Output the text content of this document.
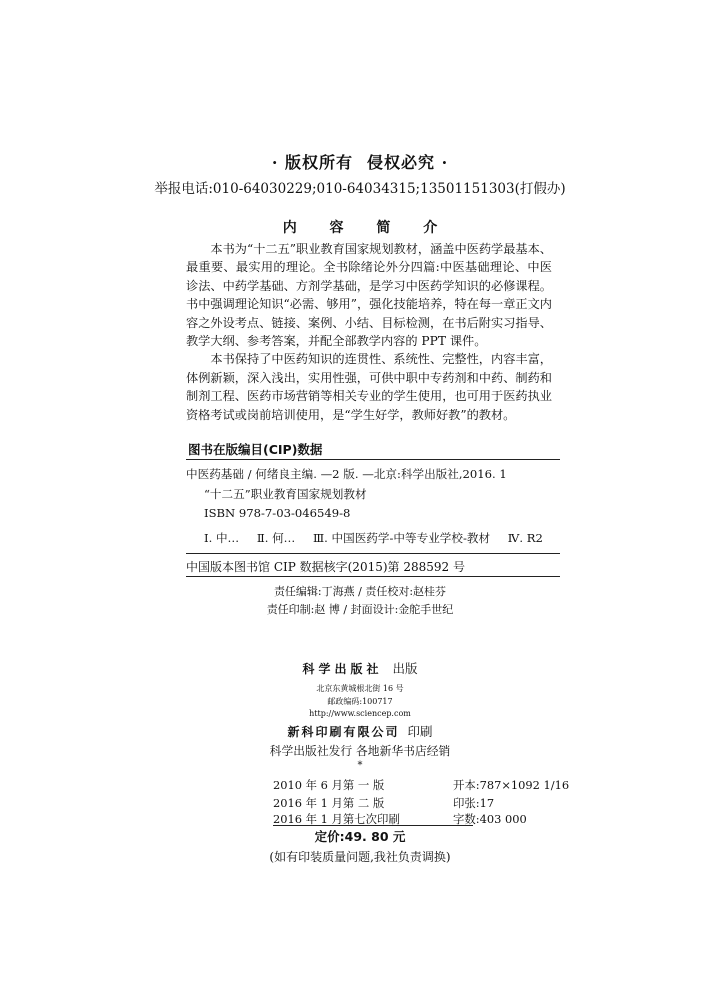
· 版权所有 侵权必究 ·
举报电话:010-64030229;010-64034315;13501151303(打假办)
内 容 简 介

本书为“十二五”职业教育国家规划教材，涵盖中医药学最基本、最重要、最实用的理论。全书除绪论外分四篇:中医基础理论、中医诊法、中药学基础、方剂学基础，是学习中医药学知识的必修课程。书中强调理论知识“必需、够用”，强化技能培养，特在每一章正文内容之外设考点、链接、案例、小结、目标检测，在书后附实习指导、教学大纲、参考答案，并配全部教学内容的 PPT 课件。

本书保持了中医药知识的连贯性、系统性、完整性，内容丰富，体例新颖，深入浅出，实用性强，可供中职中专药剂和中药、制药和制剂工程、医药市场营销等相关专业的学生使用，也可用于医药执业资格考试或岗前培训使用，是“学生好学，教师好教”的教材。

图书在版编目(CIP)数据
中医药基础 / 何绪良主编. —2 版. —北京:科学出版社,2016. 1
“十二五”职业教育国家规划教材
ISBN 978-7-03-046549-8
Ⅰ. 中… Ⅱ. 何… Ⅲ. 中国医药学-中等专业学校-教材 Ⅳ. R2
中国版本图书馆 CIP 数据核字(2015)第 288592 号
责任编辑:丁海燕 / 责任校对:赵桂芬
责任印制:赵 博 / 封面设计:金舵手世纪
科学出版社 出版
北京东黄城根北街 16 号
邮政编码:100717
http://www.sciencep.com
新科印刷有限公司 印刷
科学出版社发行 各地新华书店经销
*
2010 年 6 月第 一 版	开本:787×1092 1/16
2016 年 1 月第 二 版	印张:17
2016 年 1 月第七次印刷	字数:403 000
定价:49. 80 元
(如有印装质量问题,我社负责调换)
